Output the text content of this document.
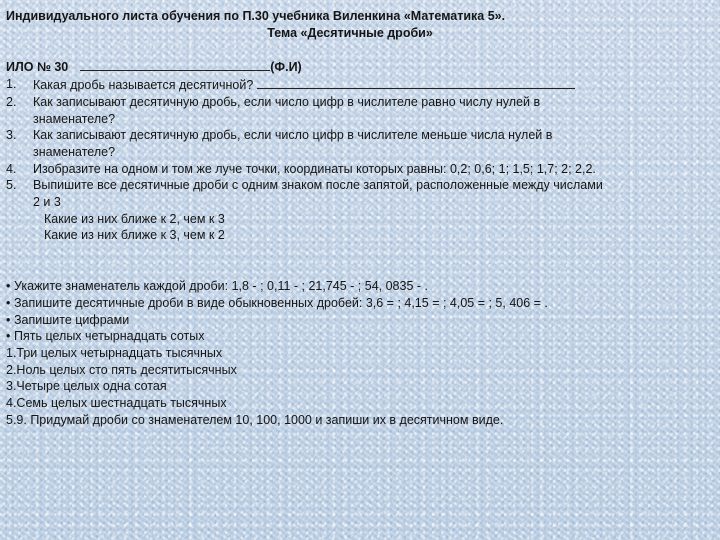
Индивидуального листа обучения по П.30 учебника Виленкина «Математика 5».
Тема «Десятичные дроби»
ИЛО № 30	(Ф.И)
1. Какая дробь называется десятичной?
2. Как записывают десятичную дробь, если число цифр в числителе равно числу нулей в
знаменателе?
3. Как записывают десятичную дробь, если число цифр в числителе меньше числа нулей в
знаменателе?
4. Изобразите на одном и том же луче точки, координаты которых равны: 0,2; 0,6; 1; 1,5; 1,7; 2; 2,2.
5. Выпишите все десятичные дроби с одним знаком после запятой, расположенные между числами
2 и 3
Какие из них ближе к 2, чем к 3
Какие из них ближе к 3, чем к 2
• Укажите знаменатель каждой дроби: 1,8 - ; 0,11 - ; 21,745 - ; 54, 0835 - .
• Запишите десятичные дроби в виде обыкновенных дробей: 3,6 = ; 4,15 = ; 4,05 = ; 5, 406 = .
• Запишите цифрами
• Пять целых четырнадцать сотых
1.Три целых четырнадцать тысячных
2.Ноль целых сто пять десятитысячных
3.Четыре целых одна сотая
4.Семь целых шестнадцать тысячных
5.9. Придумай дроби со знаменателем 10, 100, 1000 и запиши их в десятичном виде.
